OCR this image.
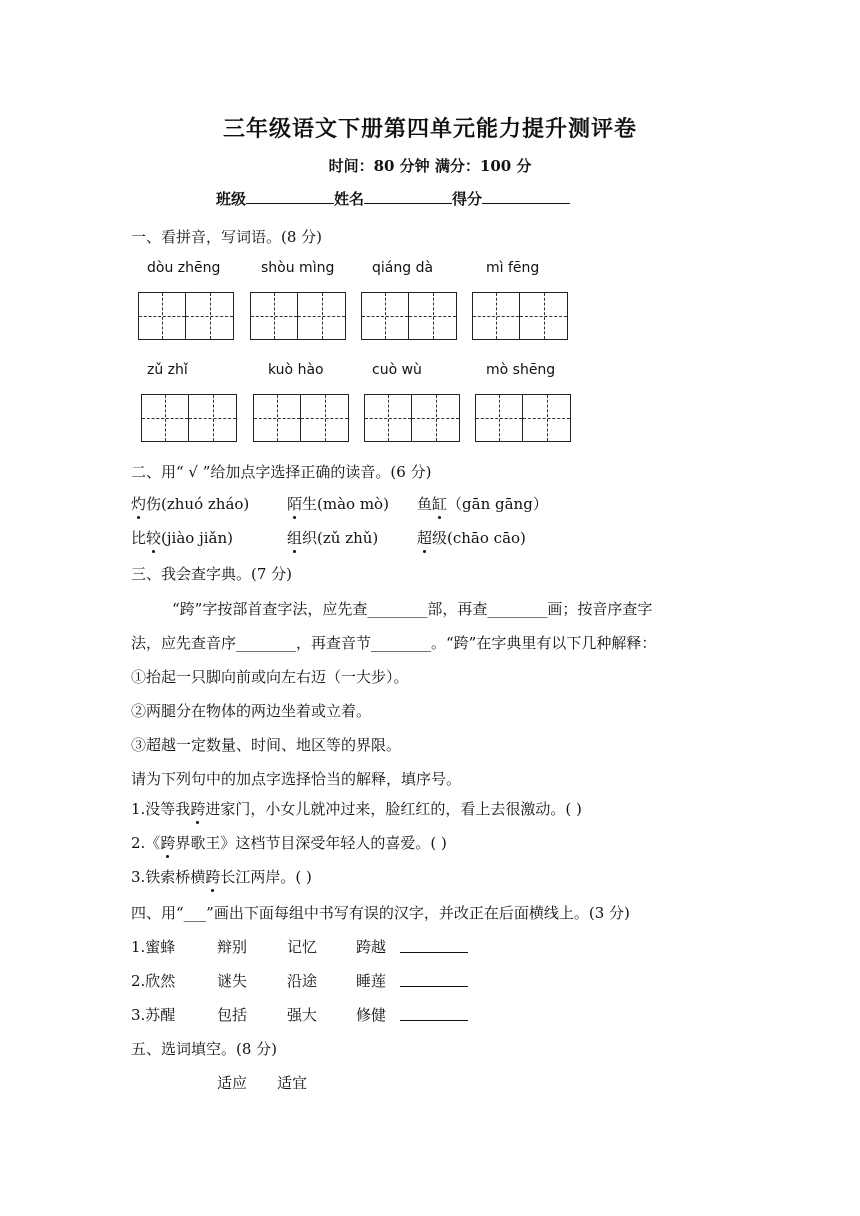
三年级语文下册第四单元能力提升测评卷
时间：80 分钟 满分：100 分
班级	姓名	得分
一、看拼音，写词语。(8 分)
dòu zhēng	shòu mìng	qiáng dà	mì fēng
zǔ zhǐ	kuò hào	cuò wù	mò shēng
二、用“ √ ”给加点字选择正确的读音。(6 分)
灼伤(zhuó zháo)	陌生(mào mò) 鱼缸（gān gāng）
比较(jiào jiǎn)	组织(zǔ zhǔ)	超级(chāo cāo)
三、我会查字典。(7 分)
“跨”字按部首查字法，应先查________部，再查________画；按音序查字
法，应先查音序________，再查音节________。“跨”在字典里有以下几种解释：
①抬起一只脚向前或向左右迈（一大步）。
②两腿分在物体的两边坐着或立着。
③超越一定数量、时间、地区等的界限。
请为下列句中的加点字选择恰当的解释，填序号。
1.没等我跨进家门，小女儿就冲过来，脸红红的，看上去很激动。( )
2.《跨界歌王》这档节目深受年轻人的喜爱。( )
3.铁索桥横跨长江两岸。( )
四、用“___”画出下面每组中书写有误的汉字，并改正在后面横线上。(3 分)
1.蜜蜂	辩别	记忆	跨越
2.欣然	谜失	沿途	睡莲
3.苏醒	包括	强大	修健
五、选词填空。(8 分)
适应 适宜
